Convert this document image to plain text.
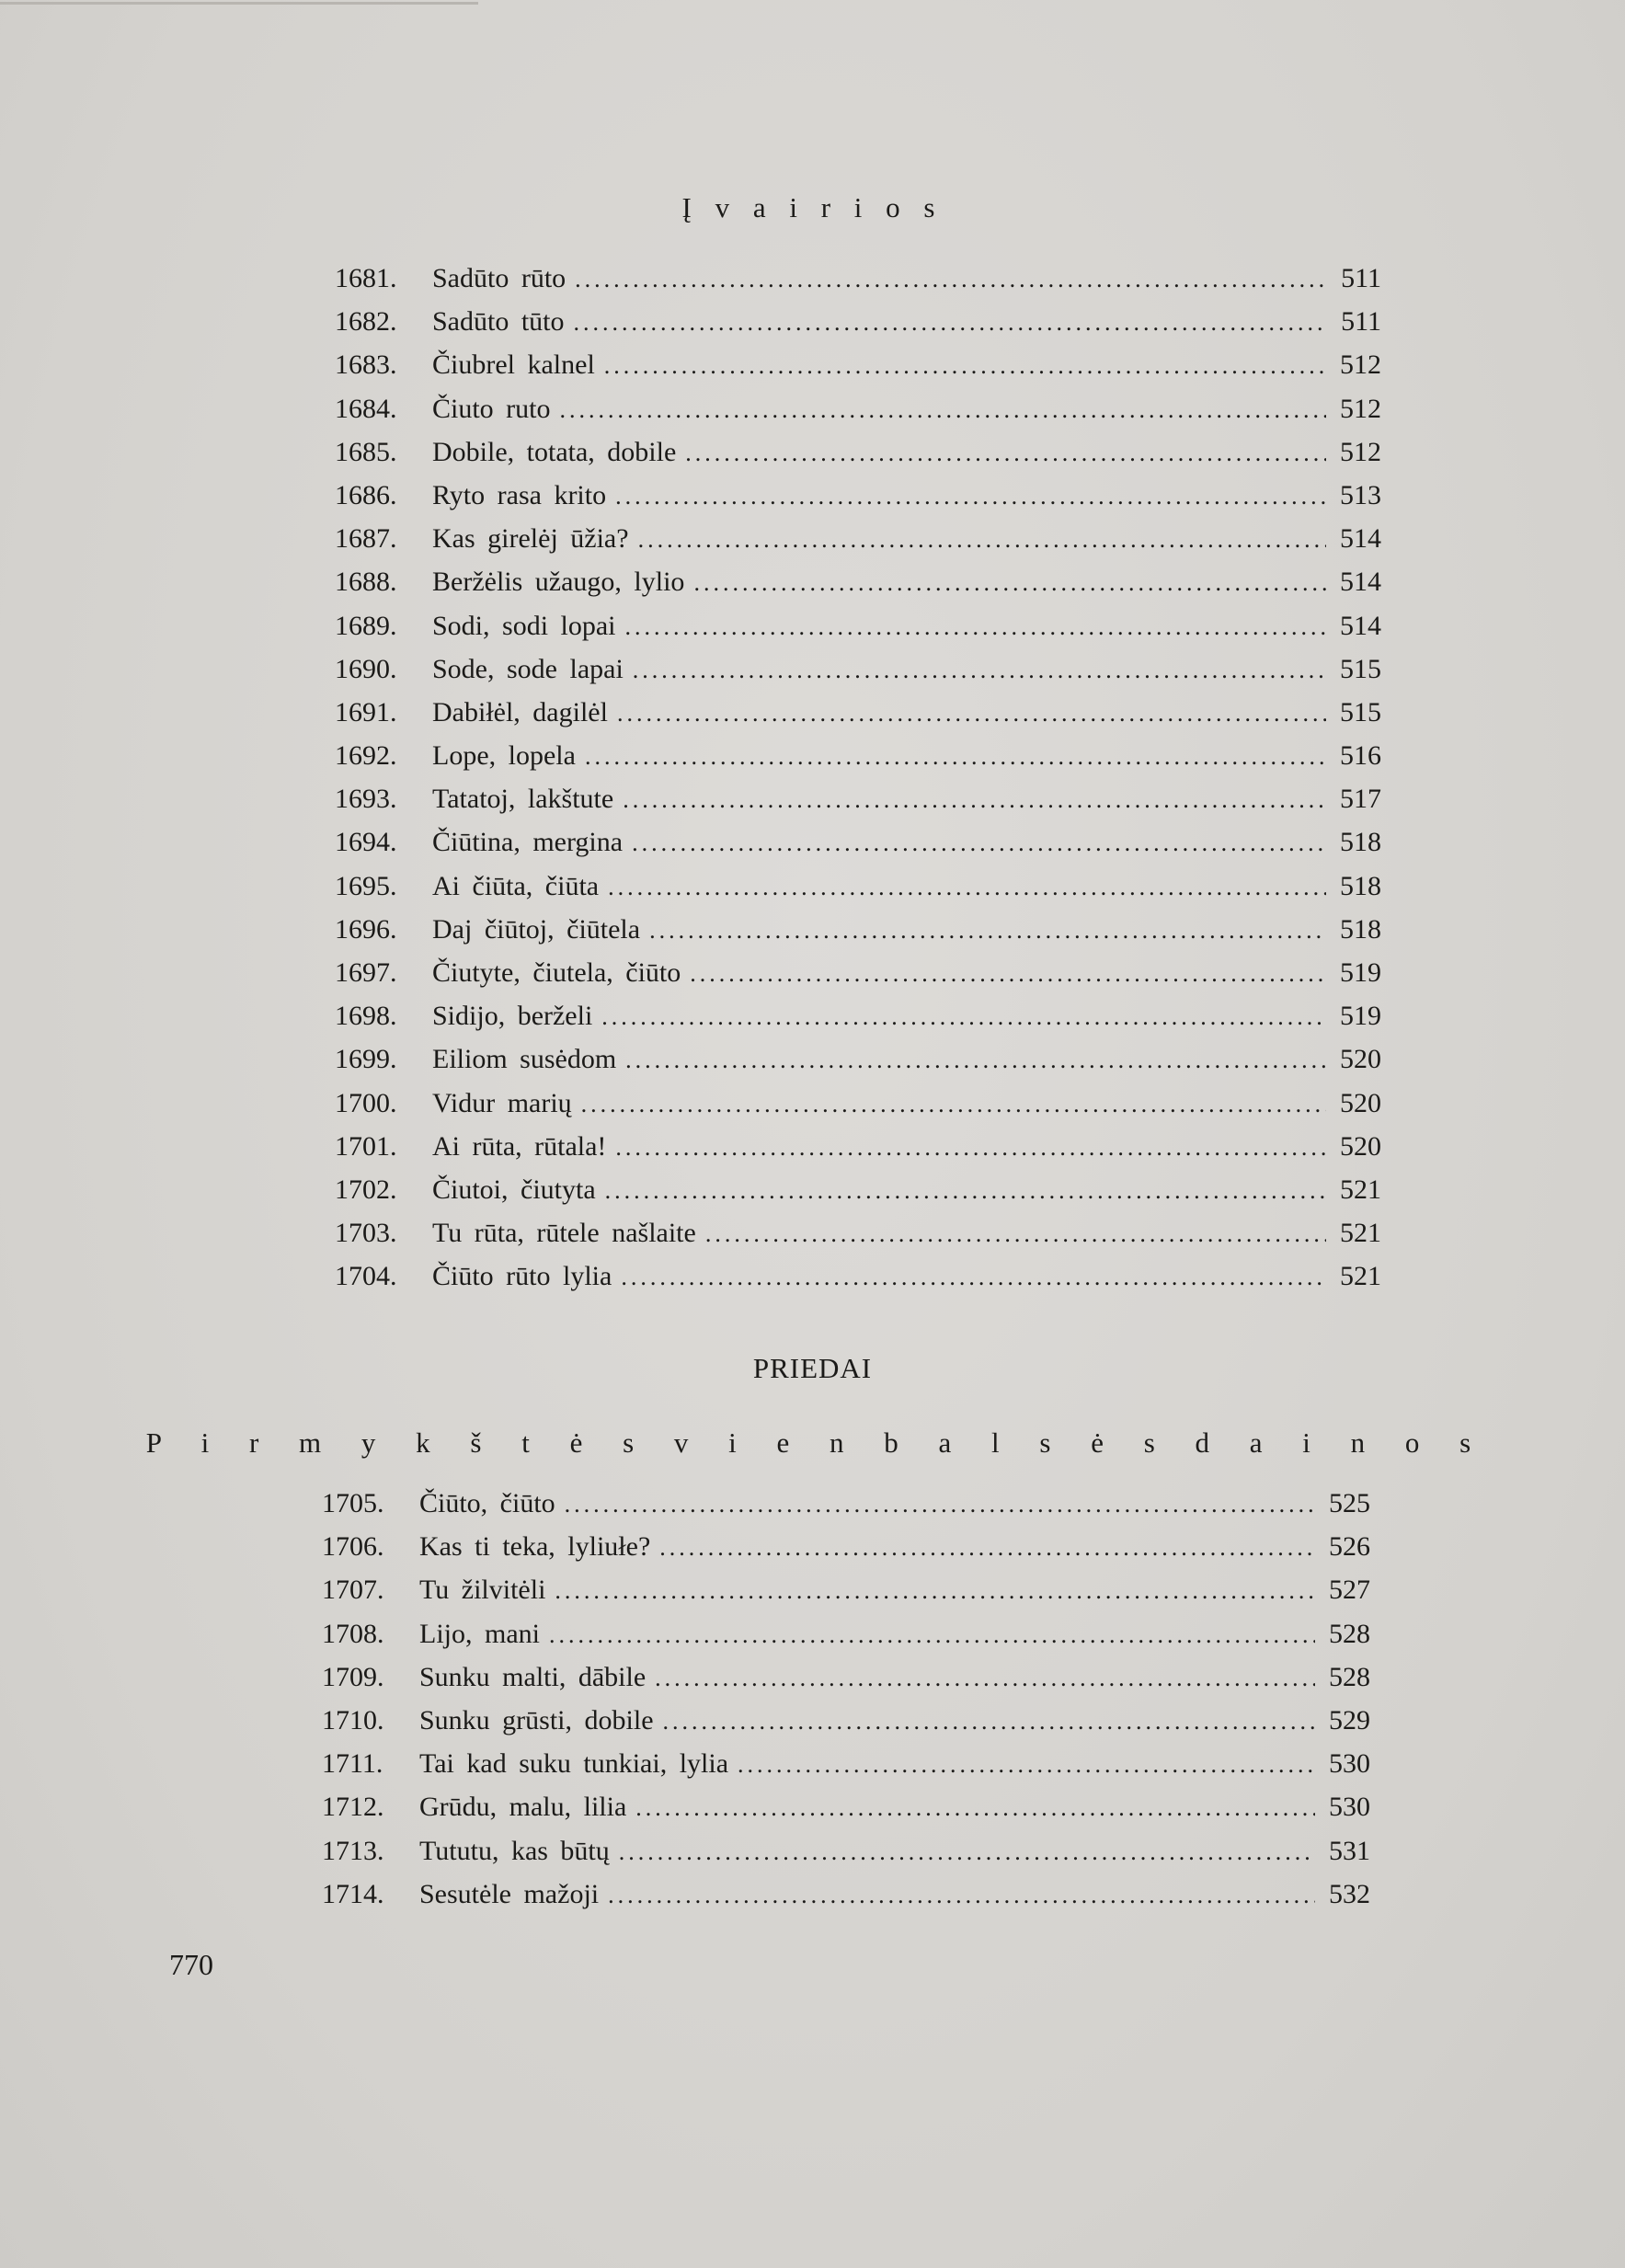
Į v a i r i o s
1681.	Sadūto rūto .....	511
1682.	Sadūto tūto .....	511
1683.	Čiubrel kalnel .....	512
1684.	Čiuto ruto .....	512
1685.	Dobile, totata, dobile .....	512
1686.	Ryto rasa krito .....	513
1687.	Kas girelėj ūžia? .....	514
1688.	Beržėlis užaugo, lylio .....	514
1689.	Sodi, sodi lopai .....	514
1690.	Sode, sode lapai .....	515
1691.	Dabiłėl, dagilėl .....	515
1692.	Lope, lopela .....	516
1693.	Tatatoj, lakštute .....	517
1694.	Čiūtina, mergina .....	518
1695.	Ai čiūta, čiūta .....	518
1696.	Daj čiūtoj, čiūtela .....	518
1697.	Čiutyte, čiutela, čiūto .....	519
1698.	Sidijo, berželi .....	519
1699.	Eiliom susėdom .....	520
1700.	Vidur marių .....	520
1701.	Ai rūta, rūtala! .....	520
1702.	Čiutoi, čiutyta .....	521
1703.	Tu rūta, rūtele našlaite .....	521
1704.	Čiūto rūto lylia .....	521
PRIEDAI
P i r m y k š t ė s v i e n b a l s ė s d a i n o s
1705.	Čiūto, čiūto .....	525
1706.	Kas ti teka, lyliułe? .....	526
1707.	Tu žilvitėli .....	527
1708.	Lijo, mani .....	528
1709.	Sunku malti, dābile .....	528
1710.	Sunku grūsti, dobile .....	529
1711.	Tai kad suku tunkiai, lylia .....	530
1712.	Grūdu, malu, lilia .....	530
1713.	Tututu, kas būtų .....	531
1714.	Sesutėle mažoji .....	532
770
